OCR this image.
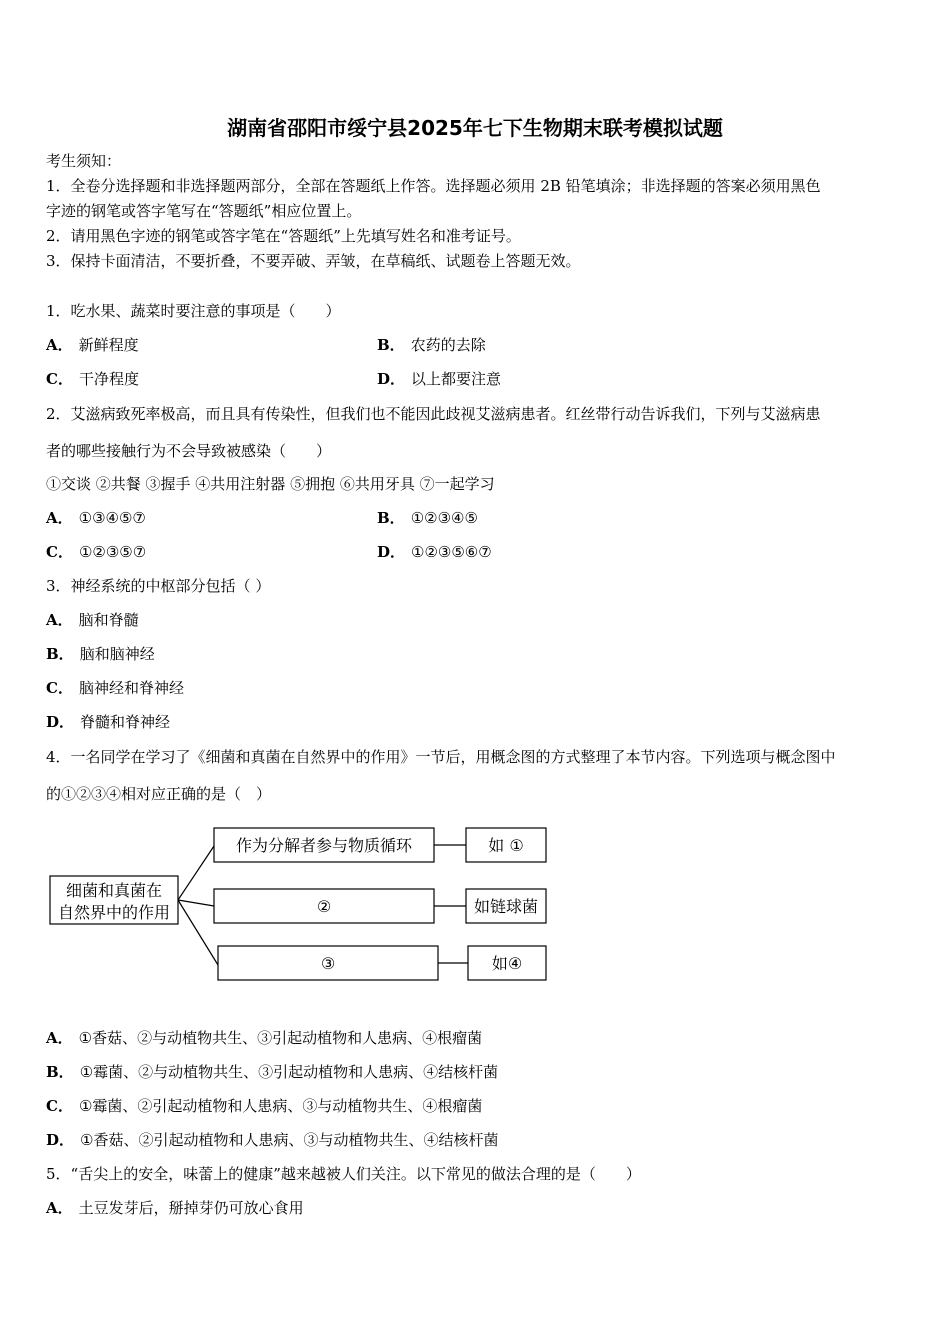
湖南省邵阳市绥宁县2025年七下生物期末联考模拟试题
考生须知：
1．全卷分选择题和非选择题两部分，全部在答题纸上作答。选择题必须用 2B 铅笔填涂；非选择题的答案必须用黑色
字迹的钢笔或答字笔写在“答题纸”相应位置上。
2．请用黑色字迹的钢笔或答字笔在“答题纸”上先填写姓名和准考证号。
3．保持卡面清洁，不要折叠，不要弄破、弄皱，在草稿纸、试题卷上答题无效。
1．吃水果、蔬菜时要注意的事项是（　　）
A． 新鲜程度	B． 农药的去除
C． 干净程度	D． 以上都要注意
2．艾滋病致死率极高，而且具有传染性，但我们也不能因此歧视艾滋病患者。红丝带行动告诉我们，下列与艾滋病患
者的哪些接触行为不会导致被感染（　　）
①交谈 ②共餐 ③握手 ④共用注射器 ⑤拥抱 ⑥共用牙具 ⑦一起学习
A． ①③④⑤⑦	B． ①②③④⑤
C． ①②③⑤⑦	D． ①②③⑤⑥⑦
3．神经系统的中枢部分包括（ ）
A． 脑和脊髓
B． 脑和脑神经
C． 脑神经和脊神经
D． 脊髓和脊神经
4．一名同学在学习了《细菌和真菌在自然界中的作用》一节后，用概念图的方式整理了本节内容。下列选项与概念图中
的①②③④相对应正确的是（　）
细菌和真菌在
自然界中的作用
作为分解者参与物质循环
②
③
如 ①
如链球菌
如④
A． ①香菇、②与动植物共生、③引起动植物和人患病、④根瘤菌
B． ①霉菌、②与动植物共生、③引起动植物和人患病、④结核杆菌
C． ①霉菌、②引起动植物和人患病、③与动植物共生、④根瘤菌
D． ①香菇、②引起动植物和人患病、③与动植物共生、④结核杆菌
5．“舌尖上的安全，味蕾上的健康”越来越被人们关注。以下常见的做法合理的是（　　）
A． 土豆发芽后，掰掉芽仍可放心食用
